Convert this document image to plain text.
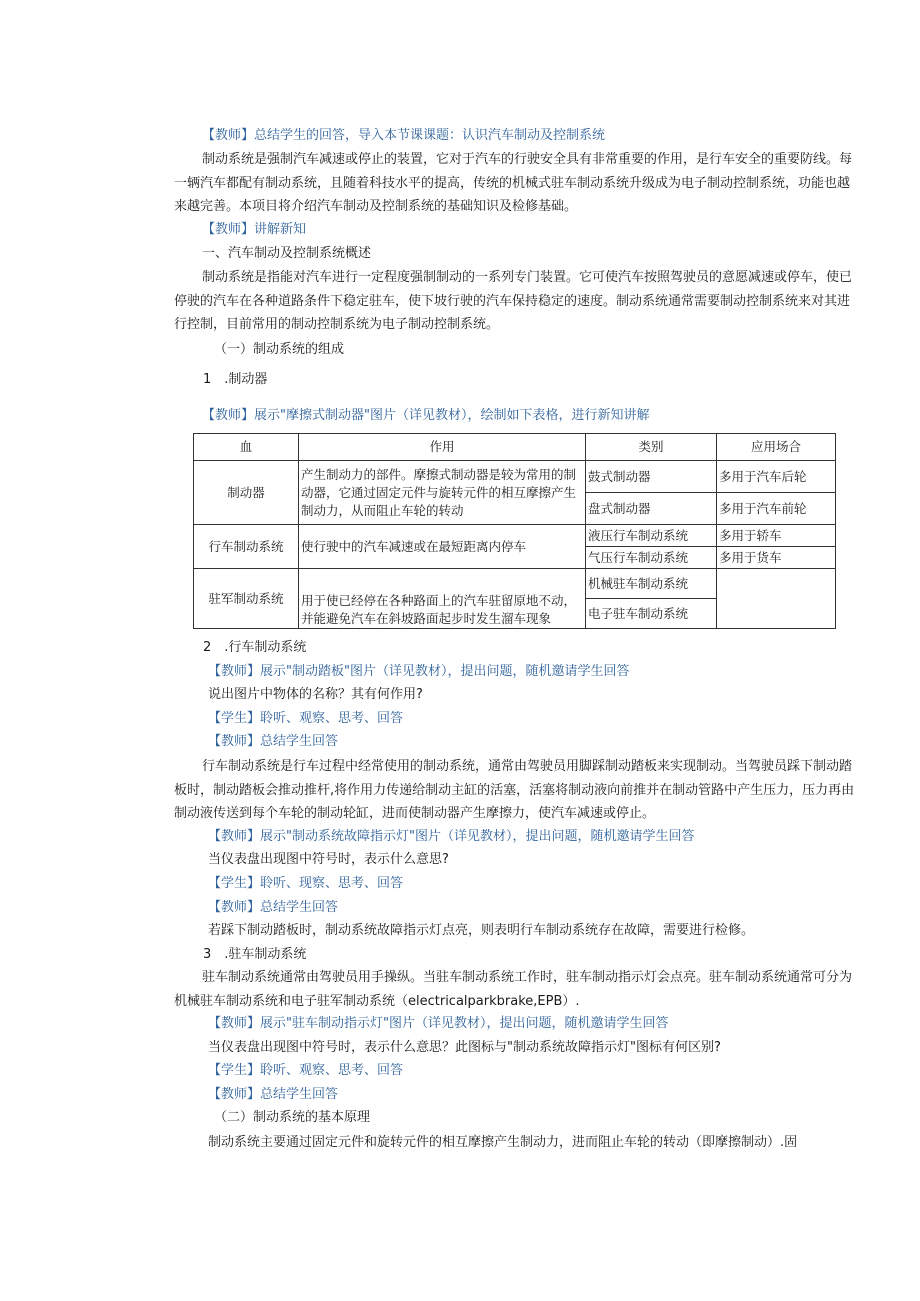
【教师】总结学生的回答，导入本节课课题：认识汽车制动及控制系统

制动系统是强制汽车减速或停止的装置，它对于汽车的行驶安全具有非常重要的作用，是行车安全的重要防线。每一辆汽车都配有制动系统，且随着科技水平的提高，传统的机械式驻车制动系统升级成为电子制动控制系统，功能也越来越完善。本项目将介绍汽车制动及控制系统的基础知识及检修基础。

【教师】讲解新知
一、汽车制动及控制系统概述

制动系统是指能对汽车进行一定程度强制制动的一系列专门装置。它可使汽车按照驾驶员的意愿减速或停车，使已停驶的汽车在各种道路条件下稳定驻车，使下坡行驶的汽车保持稳定的速度。制动系统通常需要制动控制系统来对其进行控制，目前常用的制动控制系统为电子制动控制系统。

（一）制动系统的组成
1　.制动器
【教师】展示"摩擦式制动器"图片（详见教材），绘制如下表格，进行新知讲解
血	作用	类别	应用场合
制动器	产生制动力的部件。摩擦式制动器是较为常用的制动器，它通过固定元件与旋转元件的相互摩擦产生制动力，从而阻止车轮的转动	鼓式制动器	多用于汽车后轮
		盘式制动器	多用于汽车前轮
行车制动系统	使行驶中的汽车减速或在最短距离内停车	液压行车制动系统	多用于轿车
		气压行车制动系统	多用于货车
驻军制动系统	用于使已经停在各种路面上的汽车驻留原地不动，并能避免汽车在斜坡路面起步时发生溜车现象	机械驻车制动系统	
		电子驻车制动系统	
2　.行车制动系统
【教师】展示"制动踏板"图片（详见教材），提出问题，随机邀请学生回答
说出图片中物体的名称？其有何作用?
【学生】聆听、观察、思考、回答
【教师】总结学生回答

行车制动系统是行车过程中经常使用的制动系统，通常由驾驶员用脚踩制动踏板来实现制动。当驾驶员踩下制动踏板时，制动踏板会推动推杆,将作用力传递给制动主缸的活塞，活塞将制动液向前推并在制动管路中产生压力，压力再由制动液传送到每个车轮的制动轮缸，进而使制动器产生摩擦力，使汽车减速或停止。

【教师】展示"制动系统故障指示灯"图片（详见教材），提出问题，随机邀请学生回答
当仪表盘出现图中符号时，表示什么意思?
【学生】聆听、现察、思考、回答
【教师】总结学生回答
若踩下制动踏板时，制动系统故障指示灯点亮，则表明行车制动系统存在故障，需要进行检修。
3　.驻车制动系统

驻车制动系统通常由驾驶员用手操纵。当驻车制动系统工作时，驻车制动指示灯会点亮。驻车制动系统通常可分为机械驻车制动系统和电子驻军制动系统（electricalparkbrake,EPB）.

【教师】展示"驻车制动指示灯"图片（详见教材），提出问题，随机邀请学生回答
当仪表盘出现图中符号时，表示什么意思？此图标与"制动系统故障指示灯"图标有何区别?
【学生】聆听、观察、思考、回答
【教师】总结学生回答
（二）制动系统的基本原理
制动系统主要通过固定元件和旋转元件的相互摩擦产生制动力，进而阻止车轮的转动（即摩擦制动）.固
